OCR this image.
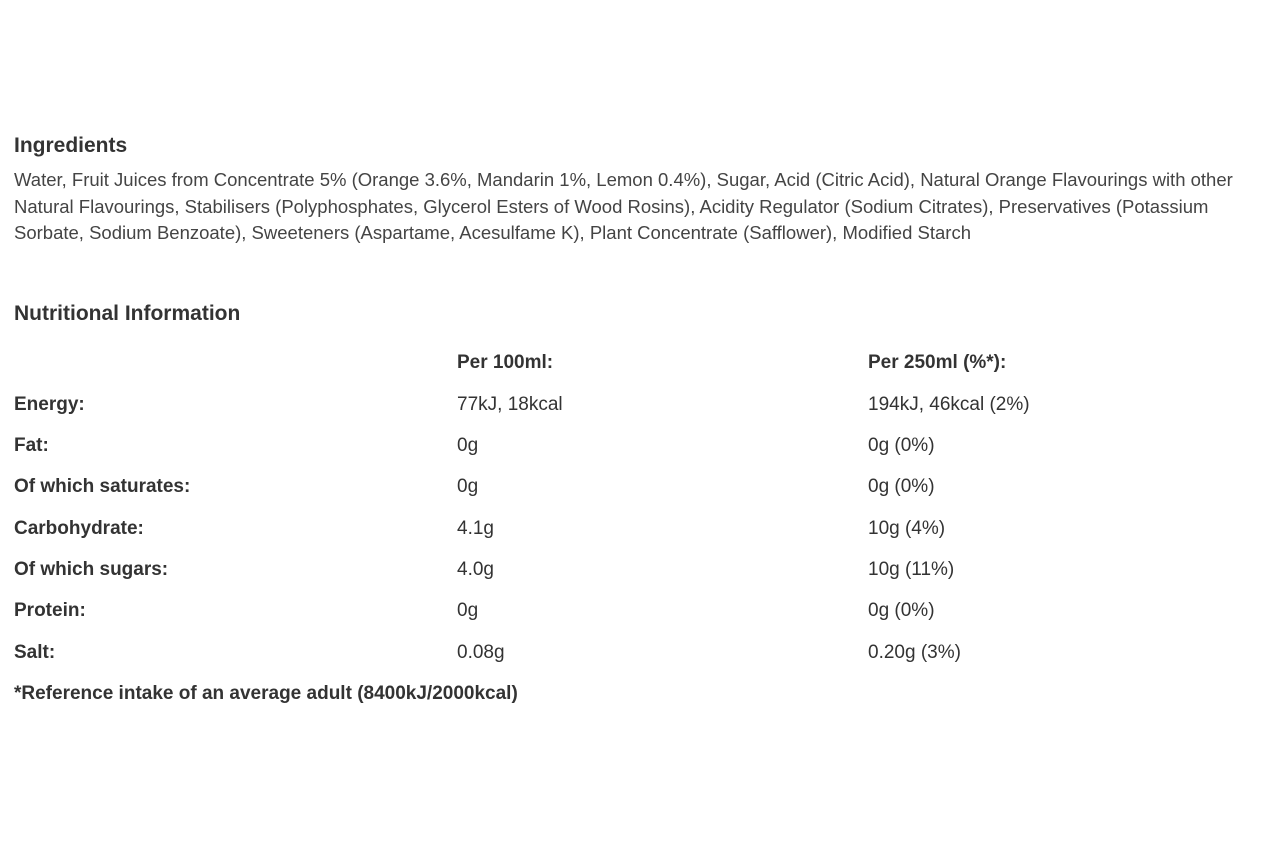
Ingredients

Water, Fruit Juices from Concentrate 5% (Orange 3.6%, Mandarin 1%, Lemon 0.4%), Sugar, Acid (Citric Acid), Natural Orange Flavourings with other Natural Flavourings, Stabilisers (Polyphosphates, Glycerol Esters of Wood Rosins), Acidity Regulator (Sodium Citrates), Preservatives (Potassium Sorbate, Sodium Benzoate), Sweeteners (Aspartame, Acesulfame K), Plant Concentrate (Safflower), Modified Starch

Nutritional Information
	Per 100ml:	Per 250ml (%*):
Energy:	77kJ, 18kcal	194kJ, 46kcal (2%)
Fat:	0g	0g (0%)
Of which saturates:	0g	0g (0%)
Carbohydrate:	4.1g	10g (4%)
Of which sugars:	4.0g	10g (11%)
Protein:	0g	0g (0%)
Salt:	0.08g	0.20g (3%)
*Reference intake of an average adult (8400kJ/2000kcal)
